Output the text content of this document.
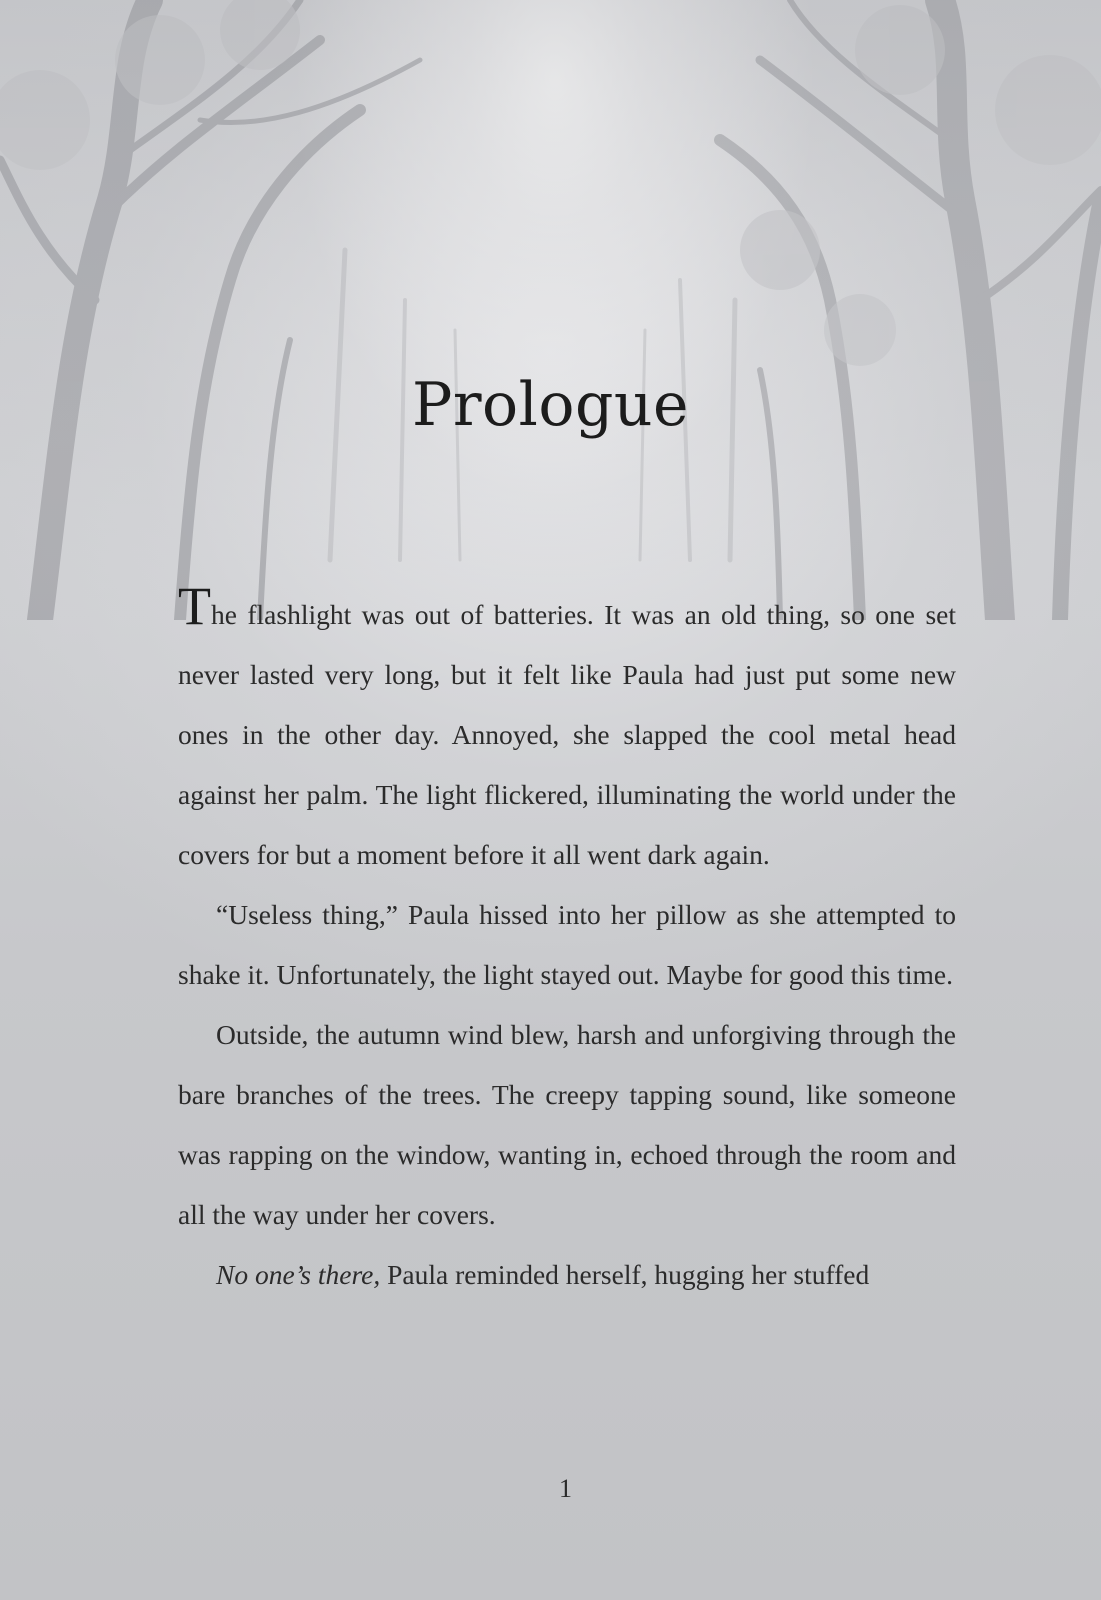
Prologue

The flashlight was out of batteries. It was an old thing, so one set never lasted very long, but it felt like Paula had just put some new ones in the other day. Annoyed, she slapped the cool metal head against her palm. The light flickered, illuminating the world under the covers for but a moment before it all went dark again.

“Useless thing,” Paula hissed into her pillow as she attempted to shake it. Unfortunately, the light stayed out. Maybe for good this time.

Outside, the autumn wind blew, harsh and unforgiving through the bare branches of the trees. The creepy tapping sound, like someone was rapping on the window, wanting in, echoed through the room and all the way under her covers.

No one’s there, Paula reminded herself, hugging her stuffed

1
